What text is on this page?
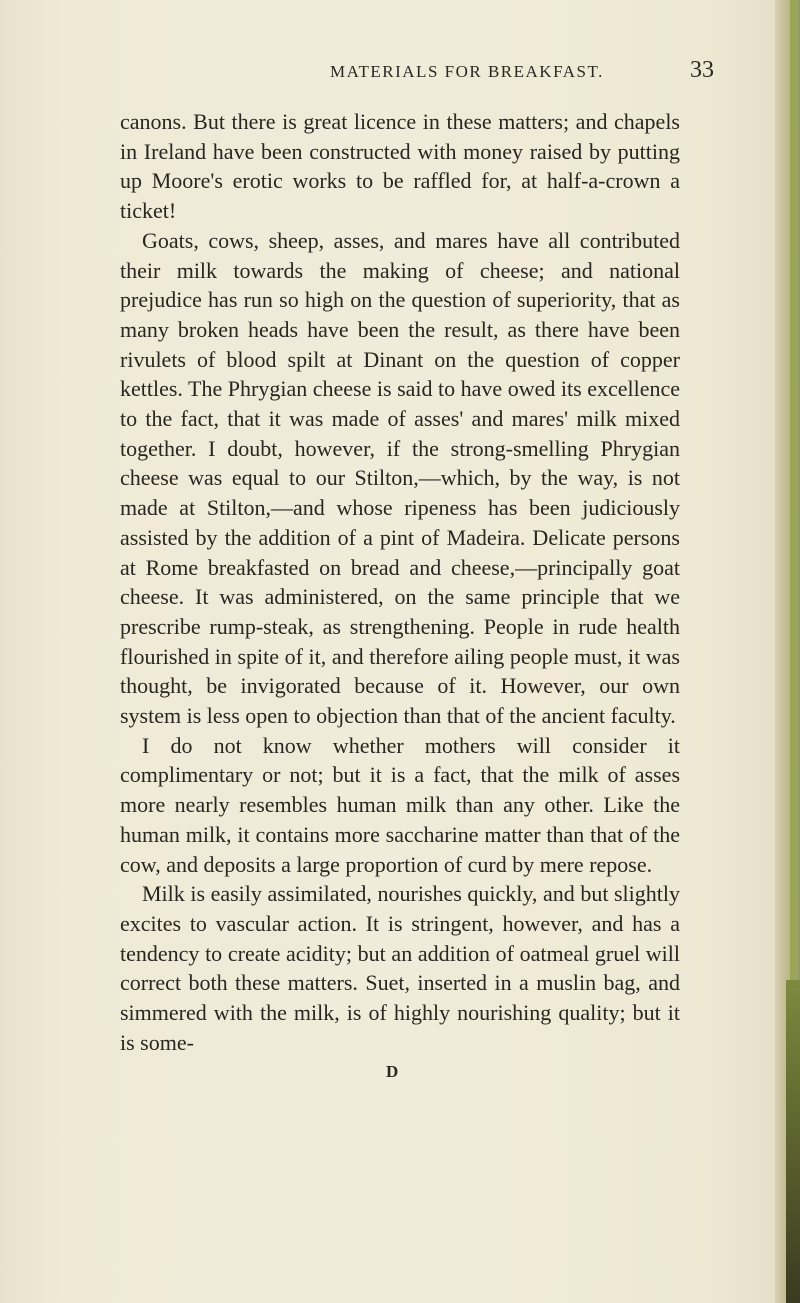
MATERIALS FOR BREAKFAST.	33

canons. But there is great licence in these matters; and chapels in Ireland have been constructed with money raised by putting up Moore's erotic works to be raffled for, at half-a-crown a ticket!

Goats, cows, sheep, asses, and mares have all contributed their milk towards the making of cheese; and national prejudice has run so high on the question of superiority, that as many broken heads have been the result, as there have been rivulets of blood spilt at Dinant on the question of copper kettles. The Phrygian cheese is said to have owed its excellence to the fact, that it was made of asses' and mares' milk mixed together. I doubt, however, if the strong-smelling Phrygian cheese was equal to our Stilton,—which, by the way, is not made at Stilton,—and whose ripeness has been judiciously assisted by the addition of a pint of Madeira. Delicate persons at Rome breakfasted on bread and cheese,—principally goat cheese. It was administered, on the same principle that we prescribe rump-steak, as strengthening. People in rude health flourished in spite of it, and therefore ailing people must, it was thought, be invigorated because of it. However, our own system is less open to objection than that of the ancient faculty.

I do not know whether mothers will consider it complimentary or not; but it is a fact, that the milk of asses more nearly resembles human milk than any other. Like the human milk, it contains more saccharine matter than that of the cow, and deposits a large proportion of curd by mere repose.

Milk is easily assimilated, nourishes quickly, and but slightly excites to vascular action. It is stringent, however, and has a tendency to create acidity; but an addition of oatmeal gruel will correct both these matters. Suet, inserted in a muslin bag, and simmered with the milk, is of highly nourishing quality; but it is some-

D
